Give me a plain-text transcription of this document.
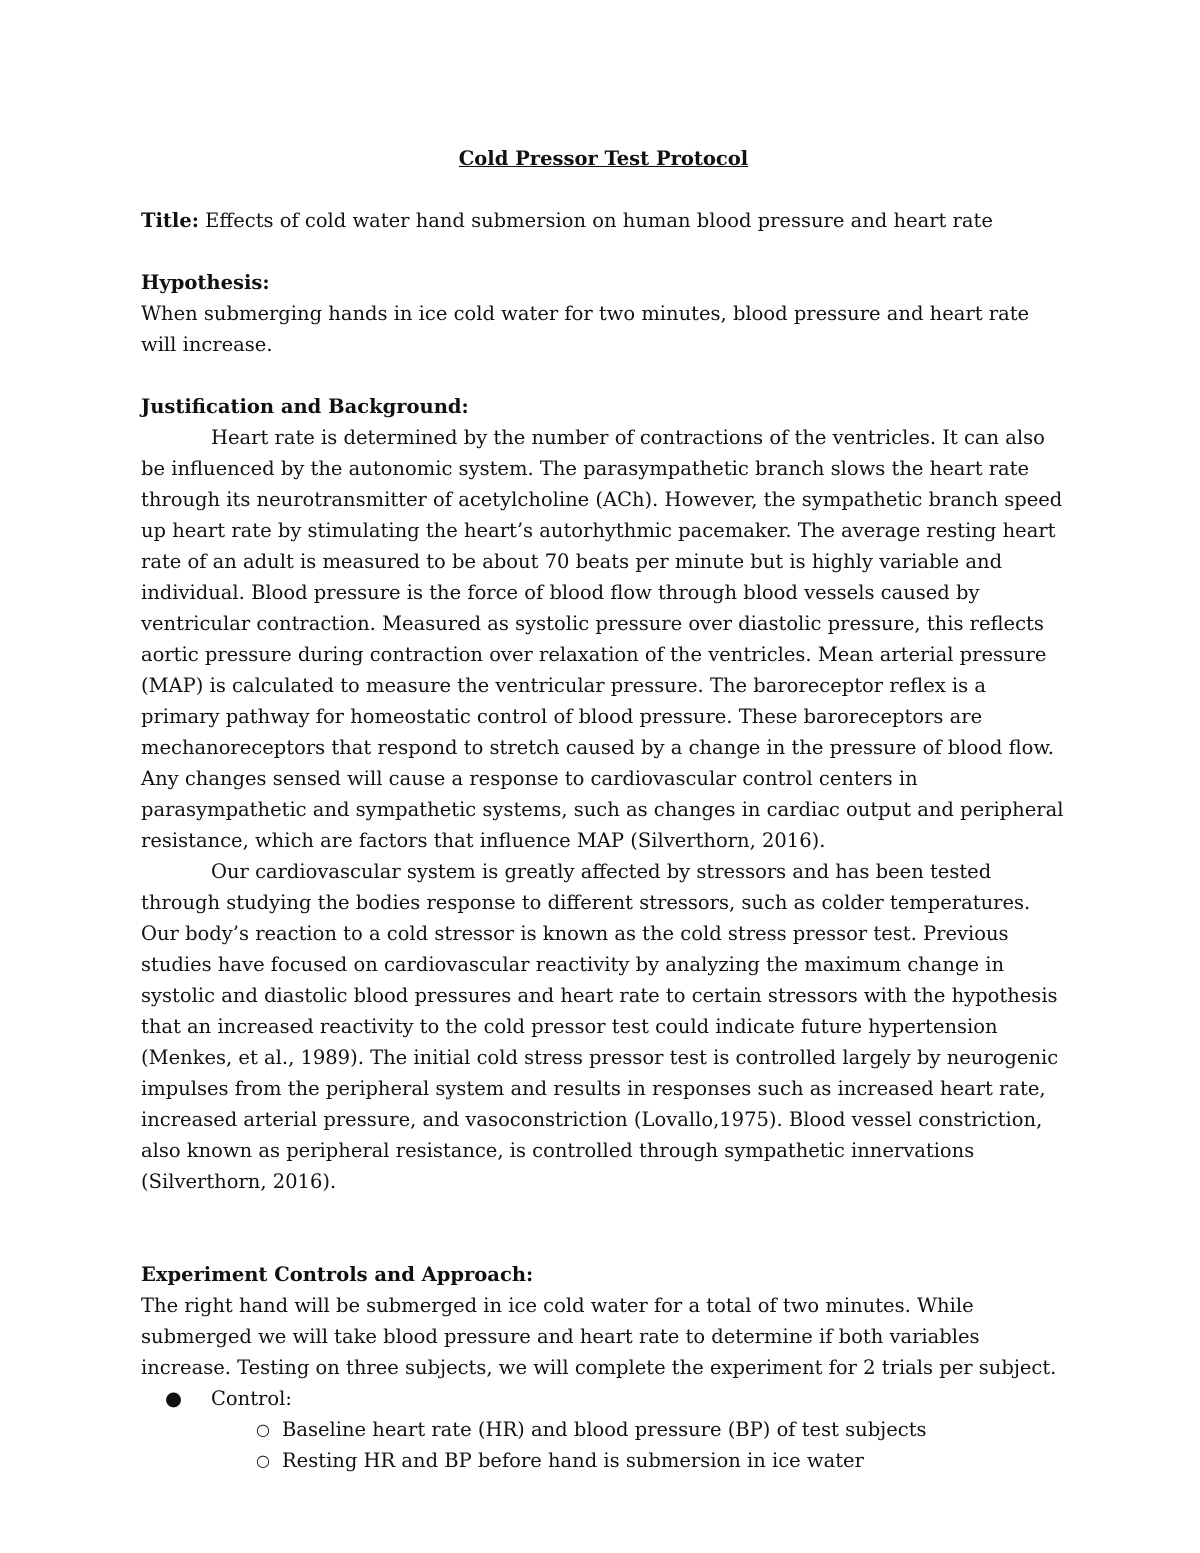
Cold Pressor Test Protocol

Title: Effects of cold water hand submersion on human blood pressure and heart rate

Hypothesis:

When submerging hands in ice cold water for two minutes, blood pressure and heart rate will increase.

Justification and Background:

Heart rate is determined by the number of contractions of the ventricles. It can also be influenced by the autonomic system. The parasympathetic branch slows the heart rate through its neurotransmitter of acetylcholine (ACh). However, the sympathetic branch speed up heart rate by stimulating the heart’s autorhythmic pacemaker. The average resting heart rate of an adult is measured to be about 70 beats per minute but is highly variable and individual. Blood pressure is the force of blood flow through blood vessels caused by ventricular contraction. Measured as systolic pressure over diastolic pressure, this reflects aortic pressure during contraction over relaxation of the ventricles. Mean arterial pressure (MAP) is calculated to measure the ventricular pressure. The baroreceptor reflex is a primary pathway for homeostatic control of blood pressure. These baroreceptors are mechanoreceptors that respond to stretch caused by a change in the pressure of blood flow. Any changes sensed will cause a response to cardiovascular control centers in parasympathetic and sympathetic systems, such as changes in cardiac output and peripheral resistance, which are factors that influence MAP (Silverthorn, 2016).

Our cardiovascular system is greatly affected by stressors and has been tested through studying the bodies response to different stressors, such as colder temperatures. Our body’s reaction to a cold stressor is known as the cold stress pressor test. Previous studies have focused on cardiovascular reactivity by analyzing the maximum change in systolic and diastolic blood pressures and heart rate to certain stressors with the hypothesis that an increased reactivity to the cold pressor test could indicate future hypertension (Menkes, et al., 1989). The initial cold stress pressor test is controlled largely by neurogenic impulses from the peripheral system and results in responses such as increased heart rate, increased arterial pressure, and vasoconstriction (Lovallo,1975). Blood vessel constriction, also known as peripheral resistance, is controlled through sympathetic innervations (Silverthorn, 2016).

Experiment Controls and Approach:

The right hand will be submerged in ice cold water for a total of two minutes. While submerged we will take blood pressure and heart rate to determine if both variables increase. Testing on three subjects, we will complete the experiment for 2 trials per subject.

● Control:
○ Baseline heart rate (HR) and blood pressure (BP) of test subjects
○ Resting HR and BP before hand is submersion in ice water
